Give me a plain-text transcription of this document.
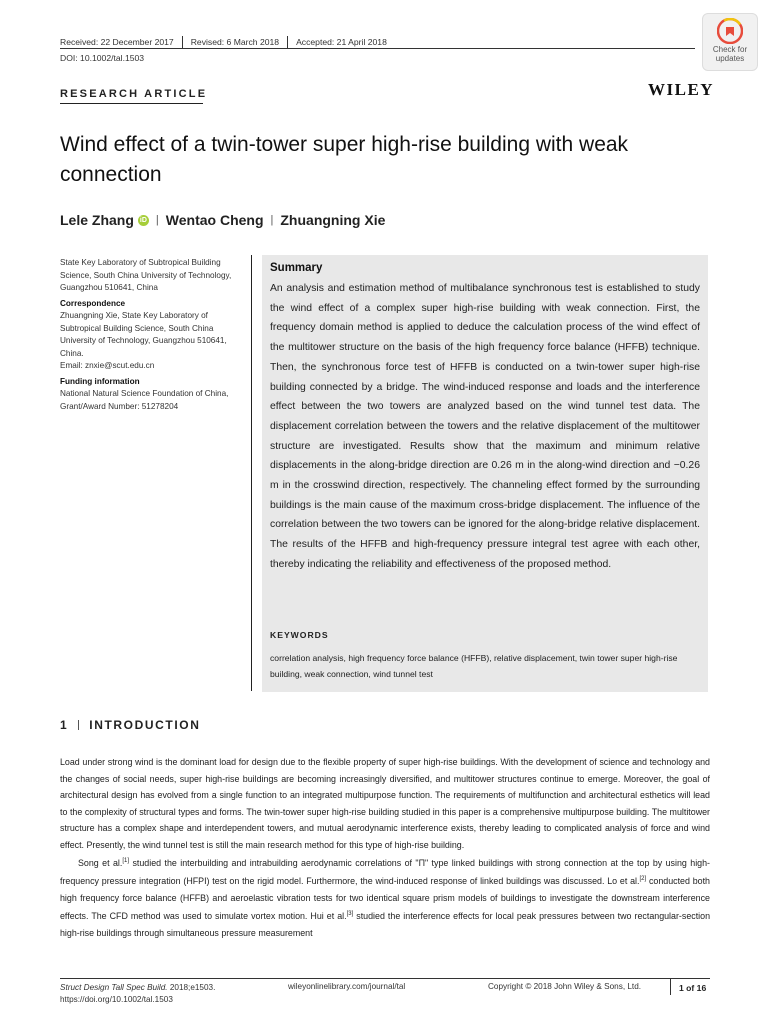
Received: 22 December 2017	Revised: 6 March 2018	Accepted: 21 April 2018
DOI: 10.1002/tal.1503
Check for updates
WILEY
RESEARCH ARTICLE
Wind effect of a twin-tower super high-rise building with weak connection
Lele Zhang iD | Wentao Cheng | Zhuangning Xie
State Key Laboratory of Subtropical Building Science, South China University of Technology, Guangzhou 510641, China
Correspondence
Zhuangning Xie, State Key Laboratory of Subtropical Building Science, South China University of Technology, Guangzhou 510641, China.
Email: znxie@scut.edu.cn
Funding information
National Natural Science Foundation of China, Grant/Award Number: 51278204
Summary
An analysis and estimation method of multibalance synchronous test is established to study the wind effect of a complex super high-rise building with weak connection. First, the frequency domain method is applied to deduce the calculation process of the wind effect of the multitower structure on the basis of the high frequency force balance (HFFB) technique. Then, the synchronous force test of HFFB is conducted on a twin-tower super high-rise building connected by a bridge. The wind-induced response and loads and the interference effect between the two towers are analyzed based on the wind tunnel test data. The displacement correlation between the towers and the relative displacement of the multitower structure are investigated. Results show that the maximum and minimum relative displacements in the along-bridge direction are 0.26 m in the along-wind direction and −0.26 m in the crosswind direction, respectively. The channeling effect formed by the surrounding buildings is the main cause of the maximum cross-bridge displacement. The influence of the correlation between the two towers can be ignored for the along-bridge relative displacement. The results of the HFFB and high-frequency pressure integral test agree with each other, thereby indicating the reliability and effectiveness of the proposed method.
KEYWORDS
correlation analysis, high frequency force balance (HFFB), relative displacement, twin tower super high-rise building, weak connection, wind tunnel test
1 INTRODUCTION

Load under strong wind is the dominant load for design due to the flexible property of super high-rise buildings. With the development of science and technology and the changes of social needs, super high-rise buildings are becoming increasingly diversified, and multitower structures continue to emerge. Moreover, the goal of architectural design has evolved from a single function to an integrated multipurpose function. The requirements of multifunction and architectural esthetics will lead to the complexity of structural types and forms. The twin-tower super high-rise building studied in this paper is a comprehensive multipurpose building. The multitower structure has a complex shape and interdependent towers, and mutual aerodynamic interference exists, thereby leading to complicated analysis of force and wind effect. Presently, the wind tunnel test is still the main research method for this type of high-rise building.

Song et al.[1] studied the interbuilding and intrabuilding aerodynamic correlations of "Π" type linked buildings with strong connection at the top by using high-frequency pressure integration (HFPI) test on the rigid model. Furthermore, the wind-induced response of linked buildings was discussed. Lo et al.[2] conducted both high frequency force balance (HFFB) and aeroelastic vibration tests for two identical square prism models of buildings to investigate the downstream interference effects. The CFD method was used to simulate vortex motion. Hui et al.[3] studied the interference effects for local peak pressures between two rectangular-section high-rise buildings through simultaneous pressure measurement

Struct Design Tall Spec Build. 2018;e1503.
https://doi.org/10.1002/tal.1503
wileyonlinelibrary.com/journal/tal	Copyright © 2018 John Wiley & Sons, Ltd.	1 of 16
